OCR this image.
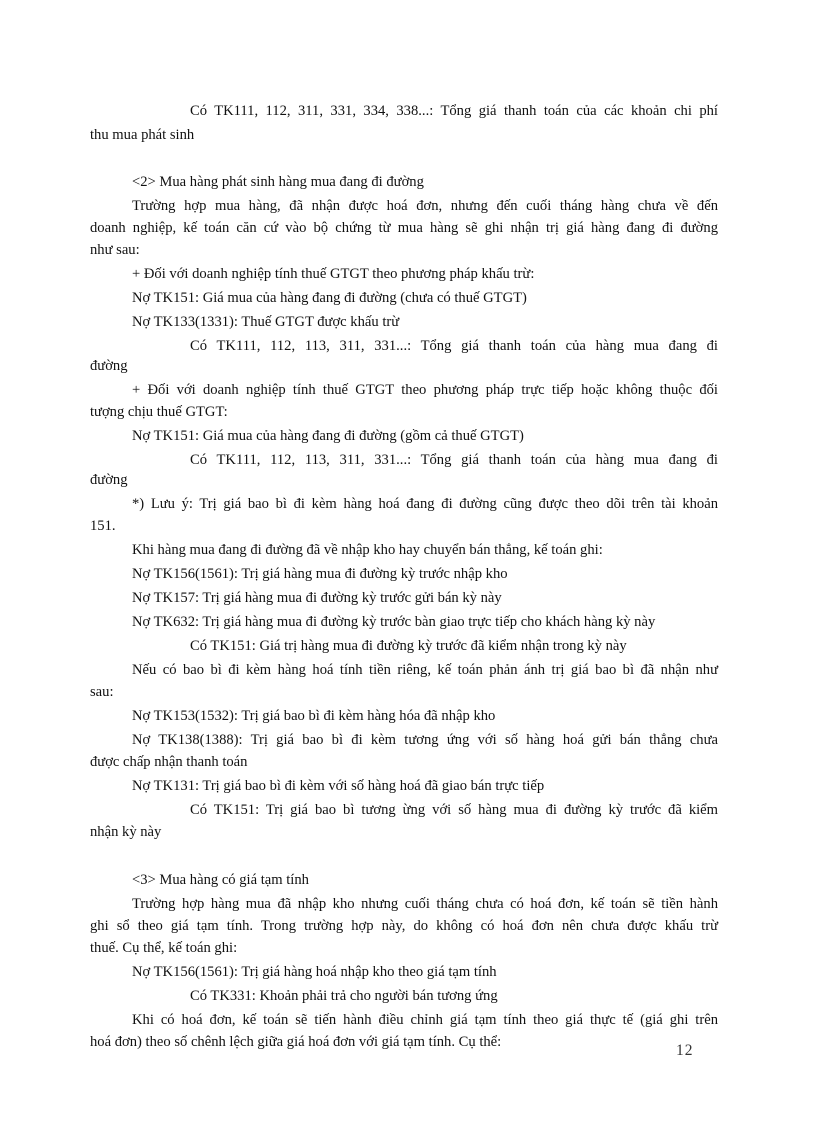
Có TK111, 112, 311, 331, 334, 338...: Tổng giá thanh toán của các khoản chi phí
thu mua phát sinh
<2> Mua hàng phát sinh hàng mua đang đi đường
Trường hợp mua hàng, đã nhận được hoá đơn, nhưng đến cuối tháng hàng chưa về đến
doanh nghiệp, kế toán căn cứ vào bộ chứng từ mua hàng sẽ ghi nhận trị giá hàng đang đi đường
như sau:
+ Đối với doanh nghiệp tính thuế GTGT theo phương pháp khấu trừ:
Nợ TK151: Giá mua của hàng đang đi đường (chưa có thuế GTGT)
Nợ TK133(1331): Thuế GTGT được khấu trừ
Có TK111, 112, 113, 311, 331...: Tổng giá thanh toán của hàng mua đang đi
đường
+ Đối với doanh nghiệp tính thuế GTGT theo phương pháp trực tiếp hoặc không thuộc đối
tượng chịu thuế GTGT:
Nợ TK151: Giá mua của hàng đang đi đường (gồm cả thuế GTGT)
Có TK111, 112, 113, 311, 331...: Tổng giá thanh toán của hàng mua đang đi
đường
*) Lưu ý: Trị giá bao bì đi kèm hàng hoá đang đi đường cũng được theo dõi trên tài khoản
151.
Khi hàng mua đang đi đường đã về nhập kho hay chuyển bán thẳng, kế toán ghi:
Nợ TK156(1561): Trị giá hàng mua đi đường kỳ trước nhập kho
Nợ TK157: Trị giá hàng mua đi đường kỳ trước gửi bán kỳ này
Nợ TK632: Trị giá hàng mua đi đường kỳ trước bàn giao trực tiếp cho khách hàng kỳ này
Có TK151: Giá trị hàng mua đi đường kỳ trước đã kiểm nhận trong kỳ này
Nếu có bao bì đi kèm hàng hoá tính tiền riêng, kế toán phản ánh trị giá bao bì đã nhận như
sau:
Nợ TK153(1532): Trị giá bao bì đi kèm hàng hóa đã nhập kho
Nợ TK138(1388): Trị giá bao bì đi kèm tương ứng với số hàng hoá gửi bán thẳng chưa
được chấp nhận thanh toán
Nợ TK131: Trị giá bao bì đi kèm với số hàng hoá đã giao bán trực tiếp
Có TK151: Trị giá bao bì tương ừng với số hàng mua đi đường kỳ trước đã kiểm
nhận kỳ này
<3> Mua hàng có giá tạm tính
Trường hợp hàng mua đã nhập kho nhưng cuối tháng chưa có hoá đơn, kế toán sẽ tiền hành
ghi sổ theo giá tạm tính. Trong trường hợp này, do không có hoá đơn nên chưa được khấu trừ
thuế. Cụ thể, kế toán ghi:
Nợ TK156(1561): Trị giá hàng hoá nhập kho theo giá tạm tính
Có TK331: Khoản phải trả cho người bán tương ứng
Khi có hoá đơn, kế toán sẽ tiến hành điều chỉnh giá tạm tính theo giá thực tế (giá ghi trên
hoá đơn) theo số chênh lệch giữa giá hoá đơn với giá tạm tính. Cụ thể:	12
